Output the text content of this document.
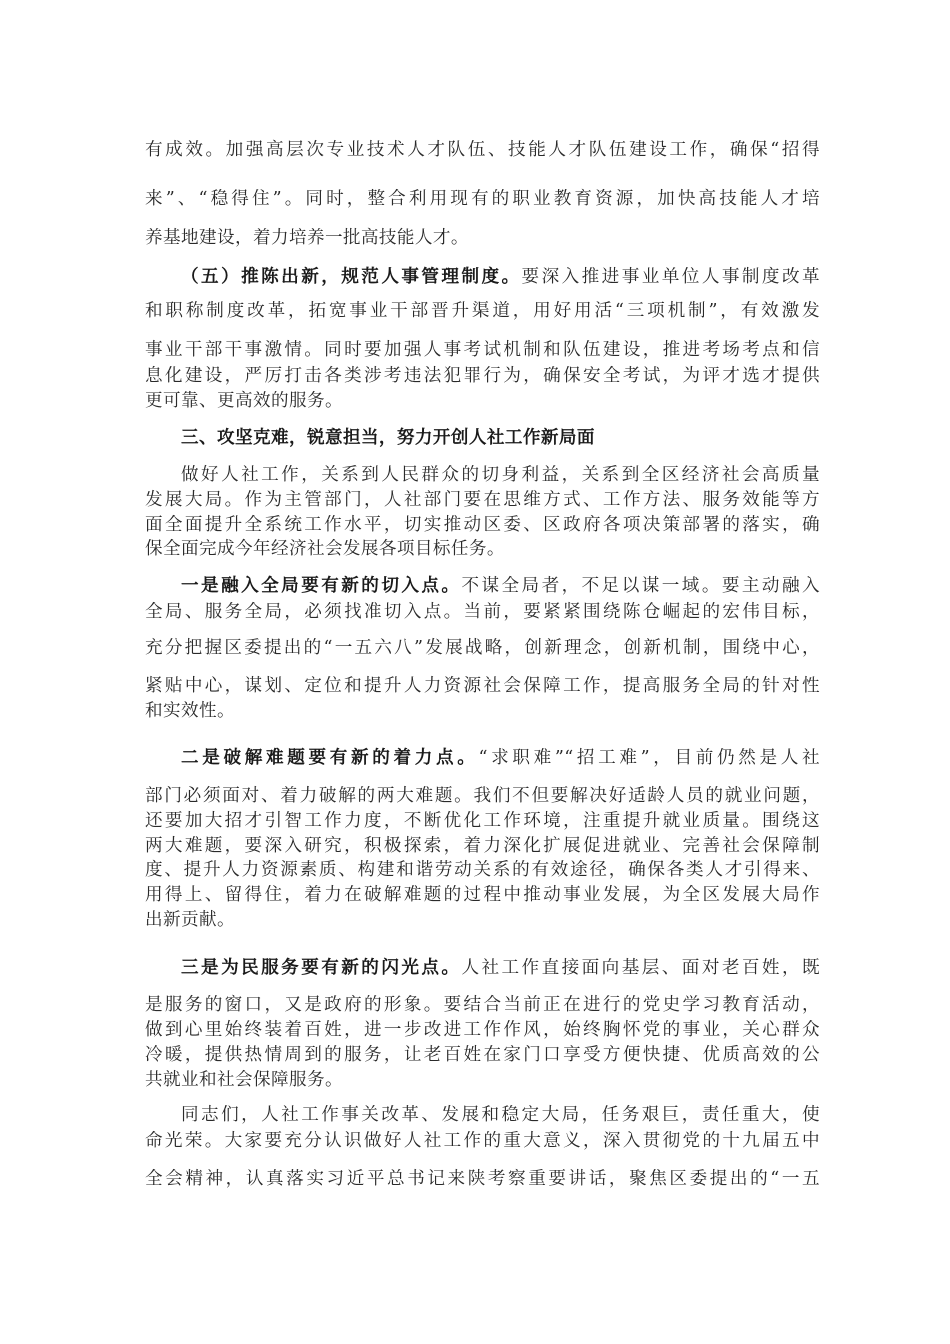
有成效。加强高层次专业技术人才队伍、技能人才队伍建设工作，确保“招得
来”、“稳得住”。同时，整合利用现有的职业教育资源，加快高技能人才培
养基地建设，着力培养一批高技能人才。
（五）推陈出新，规范人事管理制度。要深入推进事业单位人事制度改革
和职称制度改革，拓宽事业干部晋升渠道，用好用活“三项机制”，有效激发
事业干部干事激情。同时要加强人事考试机制和队伍建设，推进考场考点和信
息化建设，严厉打击各类涉考违法犯罪行为，确保安全考试，为评才选才提供
更可靠、更高效的服务。
三、攻坚克难，锐意担当，努力开创人社工作新局面
做好人社工作，关系到人民群众的切身利益，关系到全区经济社会高质量
发展大局。作为主管部门，人社部门要在思维方式、工作方法、服务效能等方
面全面提升全系统工作水平，切实推动区委、区政府各项决策部署的落实，确
保全面完成今年经济社会发展各项目标任务。
一是融入全局要有新的切入点。不谋全局者，不足以谋一域。要主动融入
全局、服务全局，必须找准切入点。当前，要紧紧围绕陈仓崛起的宏伟目标，
充分把握区委提出的“一五六八”发展战略，创新理念，创新机制，围绕中心，
紧贴中心，谋划、定位和提升人力资源社会保障工作，提高服务全局的针对性
和实效性。
二是破解难题要有新的着力点。“求职难”“招工难”，目前仍然是人社
部门必须面对、着力破解的两大难题。我们不但要解决好适龄人员的就业问题，
还要加大招才引智工作力度，不断优化工作环境，注重提升就业质量。围绕这
两大难题，要深入研究，积极探索，着力深化扩展促进就业、完善社会保障制
度、提升人力资源素质、构建和谐劳动关系的有效途径，确保各类人才引得来、
用得上、留得住，着力在破解难题的过程中推动事业发展，为全区发展大局作
出新贡献。
三是为民服务要有新的闪光点。人社工作直接面向基层、面对老百姓，既
是服务的窗口，又是政府的形象。要结合当前正在进行的党史学习教育活动，
做到心里始终装着百姓，进一步改进工作作风，始终胸怀党的事业，关心群众
冷暖，提供热情周到的服务，让老百姓在家门口享受方便快捷、优质高效的公
共就业和社会保障服务。
同志们，人社工作事关改革、发展和稳定大局，任务艰巨，责任重大，使
命光荣。大家要充分认识做好人社工作的重大意义，深入贯彻党的十九届五中
全会精神，认真落实习近平总书记来陕考察重要讲话，聚焦区委提出的“一五
